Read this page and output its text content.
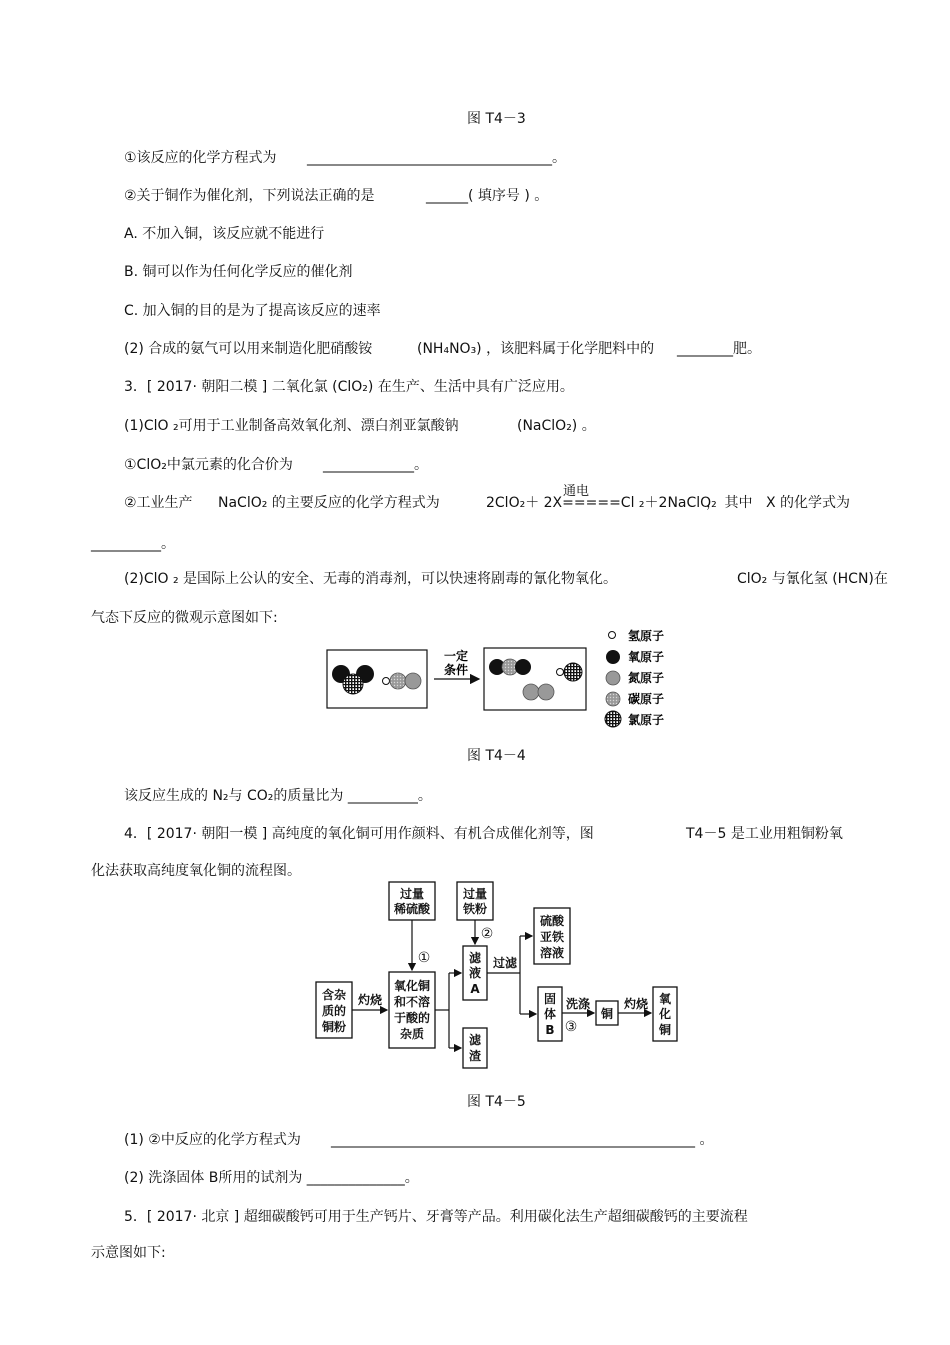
图 T4－3
①该反应的化学方程式为 ___________________________________。
②关于铜作为催化剂，下列说法正确的是	______( 填序号 ) 。
A. 不加入铜，该反应就不能进行
B. 铜可以作为任何化学反应的催化剂
C. 加入铜的目的是为了提高该反应的速率
(2) 合成的氨气可以用来制造化肥硝酸铵	(NH₄NO₃) ，该肥料属于化学肥料中的 ________肥。
3．[ 2017· 朝阳二模 ] 二氧化氯 (ClO₂) 在生产、生活中具有广泛应用。
(1)ClO ₂可用于工业制备高效氧化剂、漂白剂亚氯酸钠	(NaClO₂) 。
①ClO₂中氯元素的化合价为 _____________。
通电
②工业生产 NaClO₂ 的主要反应的化学方程式为	2ClO₂＋ 2X=====Cl ₂＋2NaClO₂
， 其中 X 的化学式为
__________。
(2)ClO ₂ 是国际上公认的安全、无毒的消毒剂，可以快速将剧毒的氰化物氧化。	ClO₂ 与氰化氢 (HCN)在
气态下反应的微观示意图如下:
一定
条件
氢原子
氧原子
氮原子
碳原子
氯原子
图 T4－4
该反应生成的 N₂与 CO₂的质量比为 __________。
4．[ 2017· 朝阳一模 ] 高纯度的氧化铜可用作颜料、有机合成催化剂等，图	T4－5 是工业用粗铜粉氧
化法获取高纯度氧化铜的流程图。
过量
稀硫酸
过量
铁粉
硫酸
亚铁
溶液
含杂
质的
铜粉
氧化铜
和不溶
于酸的
杂质
滤
液
A
滤
渣
固
体
B
铜
氧
化
铜
灼烧	灼烧
过滤
洗涤
①
②
③
图 T4－5
(1) ②中反应的化学方程式为 ____________________________________________________ 。
(2) 洗涤固体 B所用的试剂为 ______________。
5．[ 2017· 北京 ] 超细碳酸钙可用于生产钙片、牙膏等产品。利用碳化法生产超细碳酸钙的主要流程
示意图如下:
